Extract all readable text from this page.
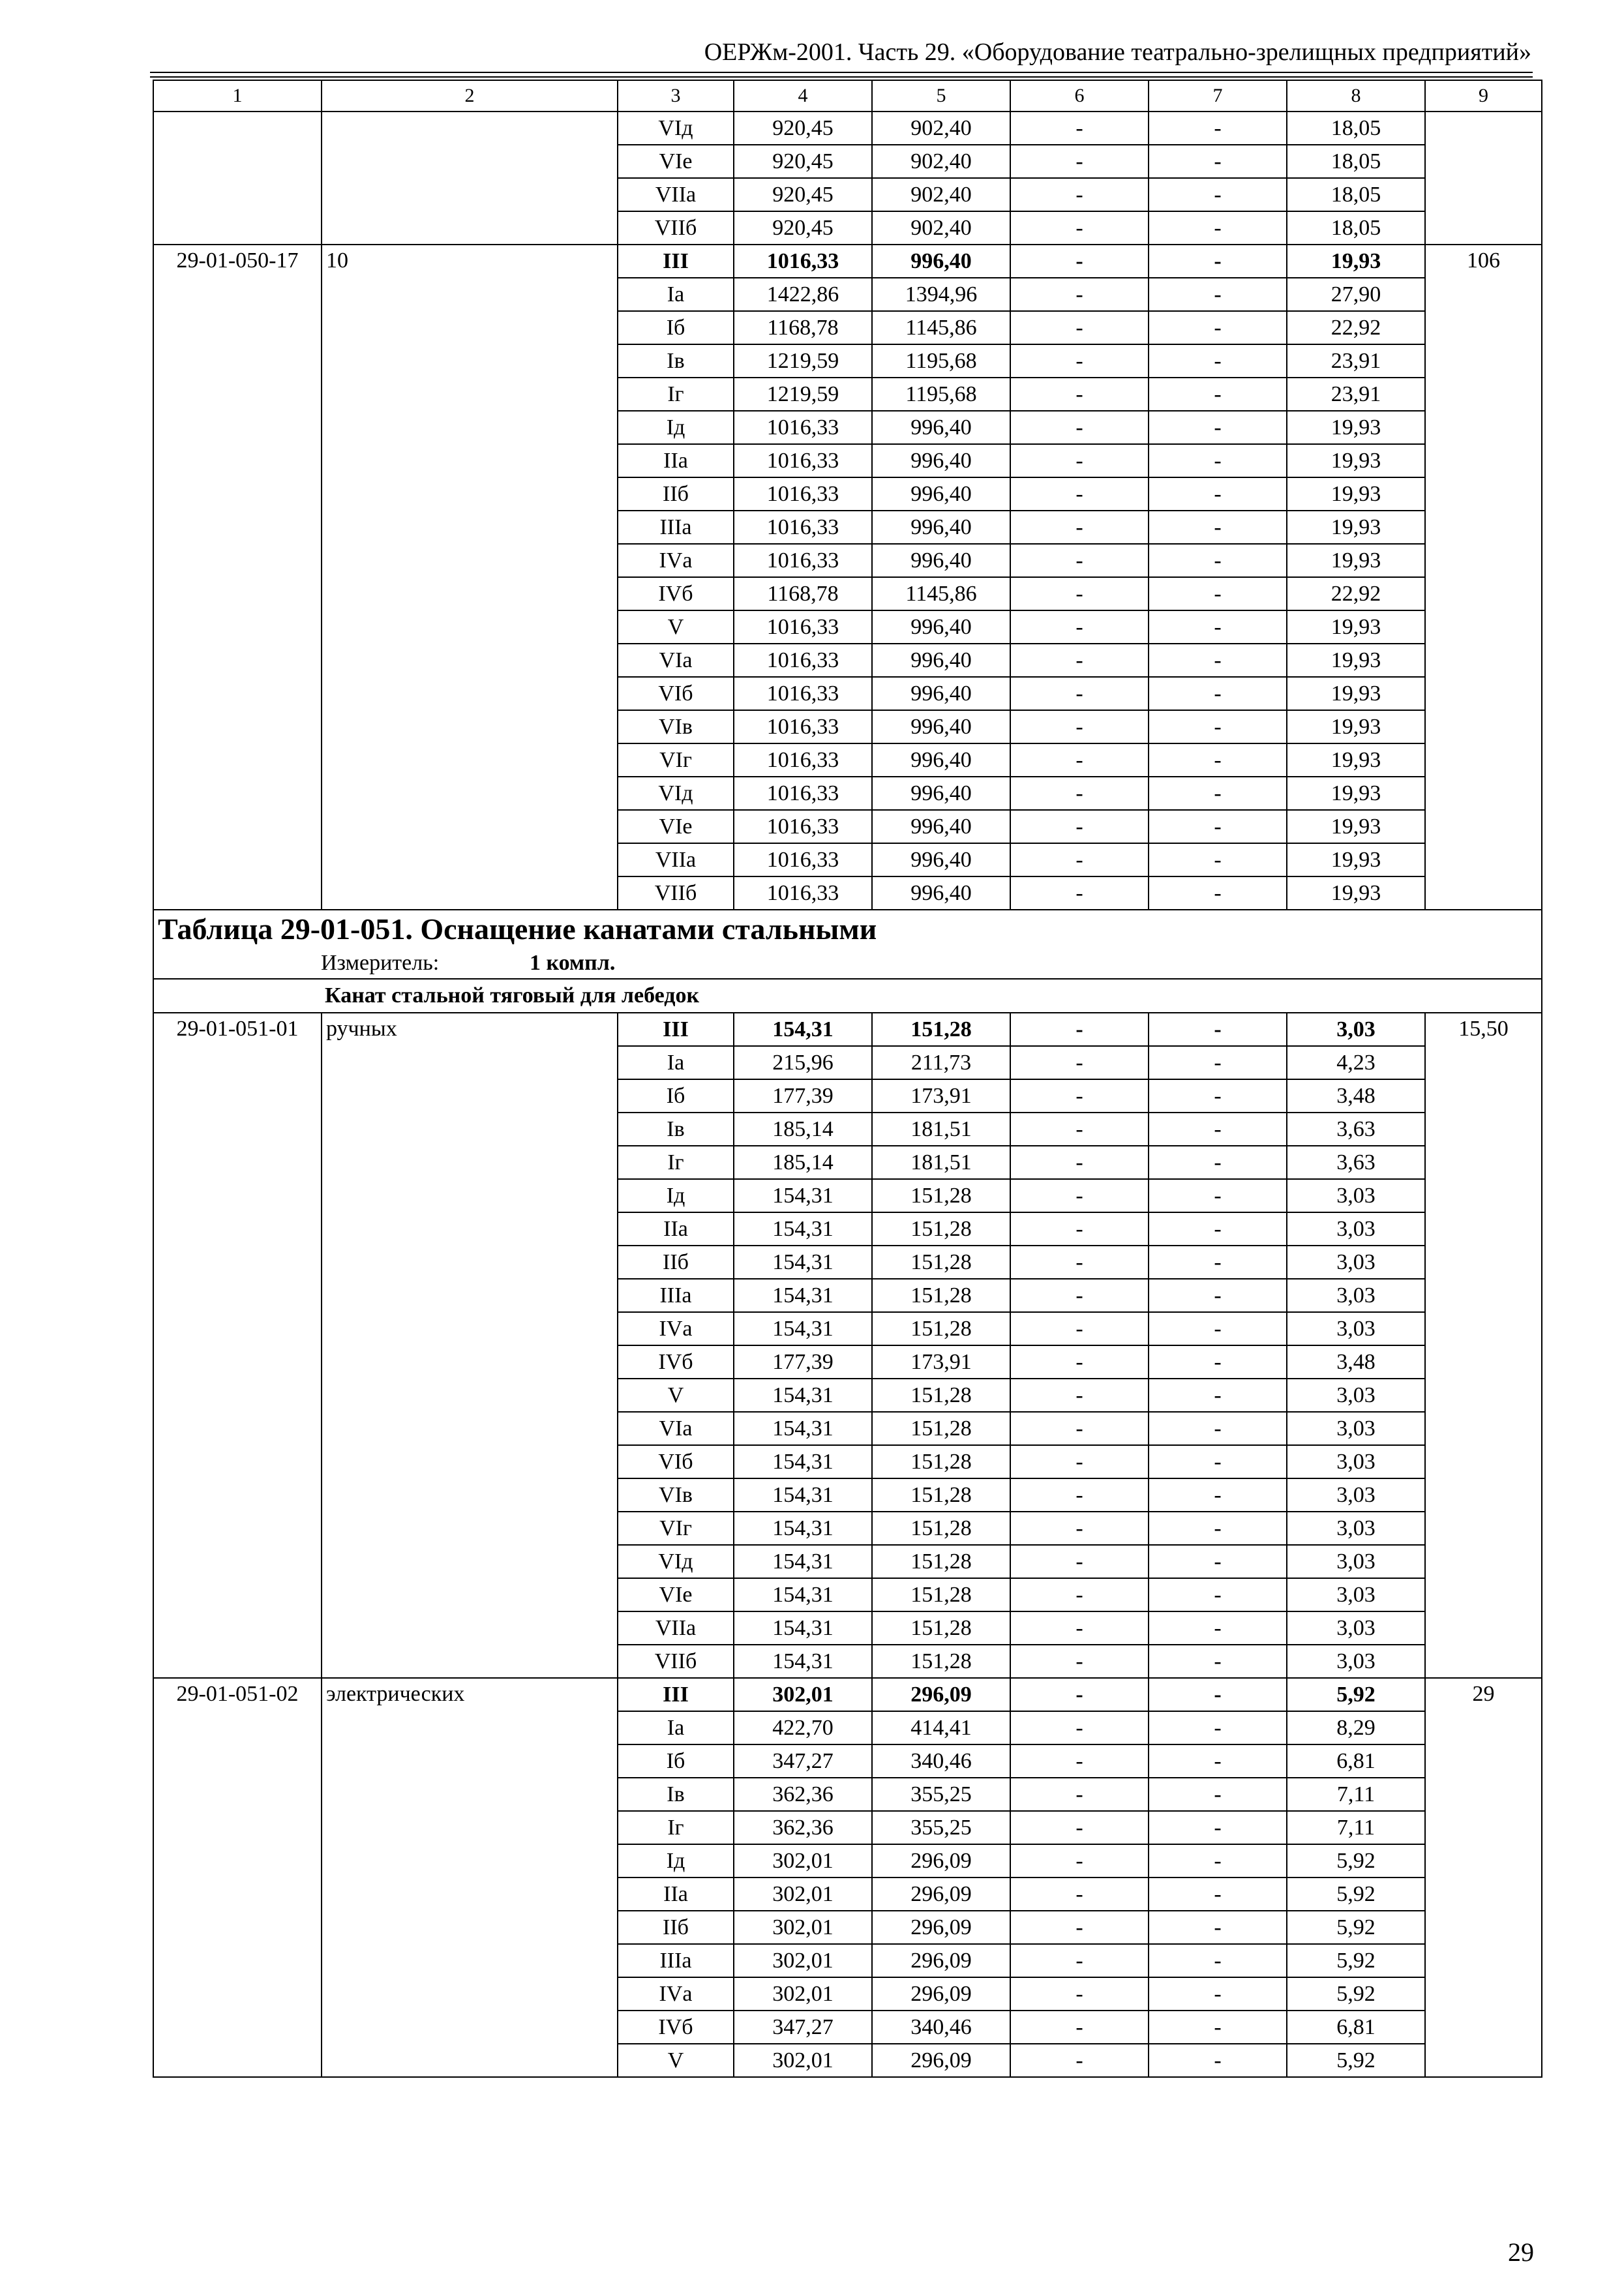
ОЕРЖм-2001. Часть 29. «Оборудование театрально-зрелищных предприятий»
1	2	3	4	5	6	7	8	9
		VIд	920,45	902,40	-	-	18,05	
		VIе	920,45	902,40	-	-	18,05	
		VIIа	920,45	902,40	-	-	18,05	
		VIIб	920,45	902,40	-	-	18,05	
29-01-050-17	10	III	1016,33	996,40	-	-	19,93	106
		Iа	1422,86	1394,96	-	-	27,90	
		Iб	1168,78	1145,86	-	-	22,92	
		Iв	1219,59	1195,68	-	-	23,91	
		Iг	1219,59	1195,68	-	-	23,91	
		Iд	1016,33	996,40	-	-	19,93	
		IIа	1016,33	996,40	-	-	19,93	
		IIб	1016,33	996,40	-	-	19,93	
		IIIа	1016,33	996,40	-	-	19,93	
		IVа	1016,33	996,40	-	-	19,93	
		IVб	1168,78	1145,86	-	-	22,92	
		V	1016,33	996,40	-	-	19,93	
		VIа	1016,33	996,40	-	-	19,93	
		VIб	1016,33	996,40	-	-	19,93	
		VIв	1016,33	996,40	-	-	19,93	
		VIг	1016,33	996,40	-	-	19,93	
		VIд	1016,33	996,40	-	-	19,93	
		VIе	1016,33	996,40	-	-	19,93	
		VIIа	1016,33	996,40	-	-	19,93	
		VIIб	1016,33	996,40	-	-	19,93	
Таблица 29-01-051. Оснащение канатами стальными								
Измеритель: 1 компл.								
Канат стальной тяговый для лебедок								
29-01-051-01	ручных	III	154,31	151,28	-	-	3,03	15,50
		Iа	215,96	211,73	-	-	4,23	
		Iб	177,39	173,91	-	-	3,48	
		Iв	185,14	181,51	-	-	3,63	
		Iг	185,14	181,51	-	-	3,63	
		Iд	154,31	151,28	-	-	3,03	
		IIа	154,31	151,28	-	-	3,03	
		IIб	154,31	151,28	-	-	3,03	
		IIIа	154,31	151,28	-	-	3,03	
		IVа	154,31	151,28	-	-	3,03	
		IVб	177,39	173,91	-	-	3,48	
		V	154,31	151,28	-	-	3,03	
		VIа	154,31	151,28	-	-	3,03	
		VIб	154,31	151,28	-	-	3,03	
		VIв	154,31	151,28	-	-	3,03	
		VIг	154,31	151,28	-	-	3,03	
		VIд	154,31	151,28	-	-	3,03	
		VIе	154,31	151,28	-	-	3,03	
		VIIа	154,31	151,28	-	-	3,03	
		VIIб	154,31	151,28	-	-	3,03	
29-01-051-02	электрических	III	302,01	296,09	-	-	5,92	29
		Iа	422,70	414,41	-	-	8,29	
		Iб	347,27	340,46	-	-	6,81	
		Iв	362,36	355,25	-	-	7,11	
		Iг	362,36	355,25	-	-	7,11	
		Iд	302,01	296,09	-	-	5,92	
		IIа	302,01	296,09	-	-	5,92	
		IIб	302,01	296,09	-	-	5,92	
		IIIа	302,01	296,09	-	-	5,92	
		IVа	302,01	296,09	-	-	5,92	
		IVб	347,27	340,46	-	-	6,81	
		V	302,01	296,09	-	-	5,92	
29
